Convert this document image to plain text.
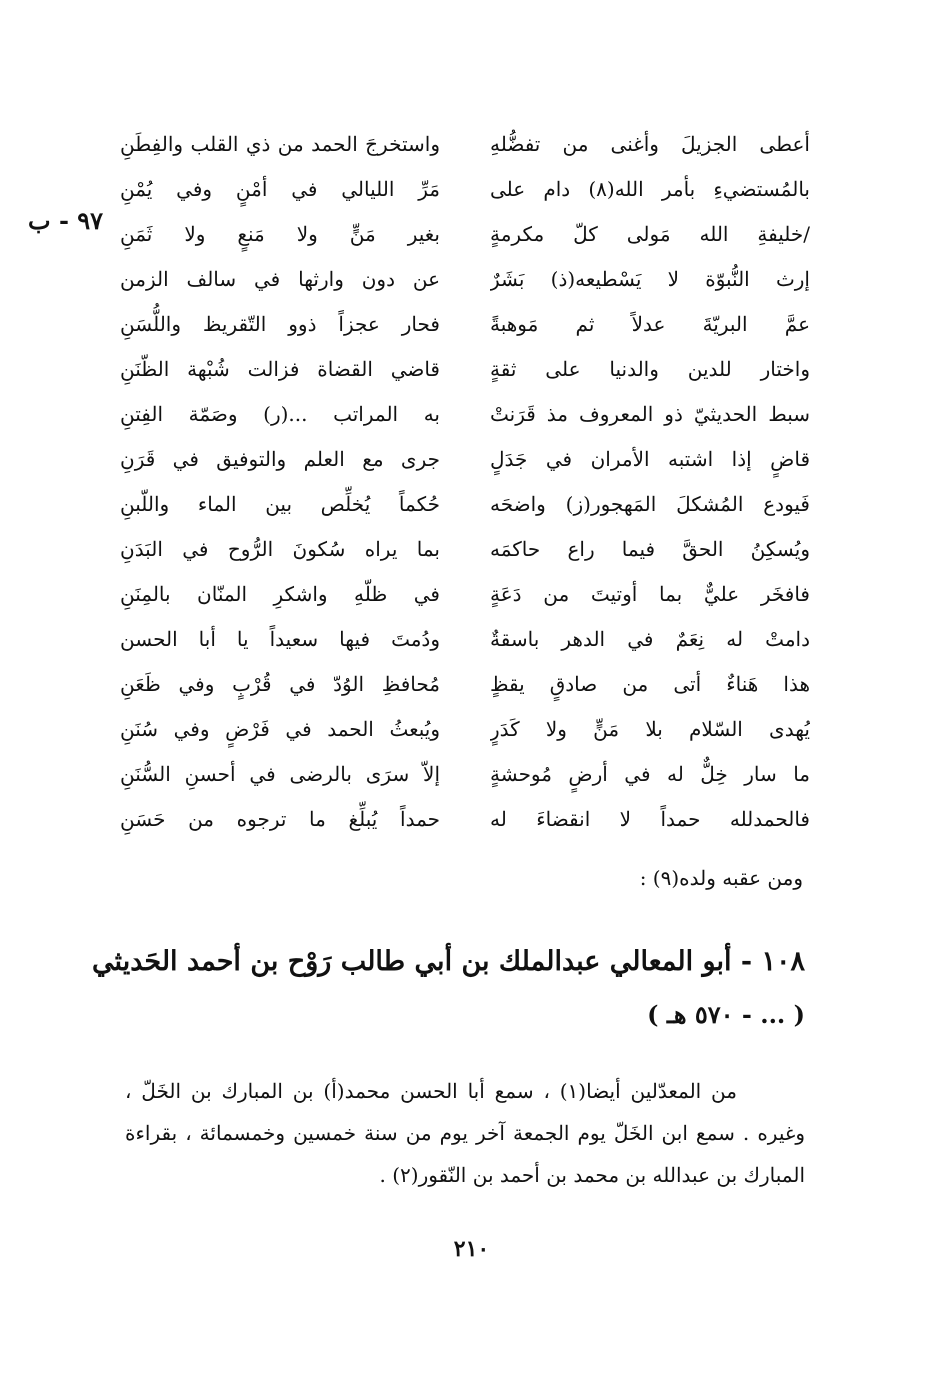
٩٧ - ب
أعطى الجزيلَ وأغنى من تفضُّلهِ
واستخرجَ الحمد من ذي القلب والفِطَنِ
بالمُستضيءِ بأمر الله(٨) دام على
مَرِّ الليالي في أمْنٍ وفي يُمْنِ
/خليفةِ الله مَولى كلّ مكرمةٍ
بغير مَنٍّ ولا مَنعٍ ولا ثَمَنِ
إرث النُّبوّة لا يَسْطيعه(ذ) بَشَرٌ
عن دون وارثها في سالف الزمن
عمَّ البريّةَ عدلاً ثم مَوهبةً
فحار عجزاً ذوو التّقريظ واللُّسَنِ
واختار للدين والدنيا على ثقةٍ
قاضي القضاة فزالت شُبْهة الظّنَنِ
سبط الحديثيّ ذو المعروف مذ قَرَنتْ
به المراتب ...(ر) وصَمّة الفِتنِ
قاضٍ إذا اشتبه الأمران في جَدَلٍ
جرى مع العلم والتوفيق في قَرَنِ
فَيودع المُشكلَ المَهجور(ز) واضحَه
حُكماً يُخلِّص بين الماء واللّبنِ
ويُسكِنُ الحقَّ فيما راع حاكمَه
بما يراه سُكونَ الرُّوح في البَدَنِ
فافخَر عليٌّ بما أوتيتَ من دَعَةٍ
في ظلّهِ واشكرِ المنّان بالمِنَنِ
دامتْ له نِعَمٌ في الدهر باسقةٌ
ودُمتَ فيها سعيداً يا أبا الحسن
هذا هَناءٌ أتى من صادقٍ يقظٍ
مُحافظِ الوُدّ في قُرْبٍ وفي ظَعَنِ
يُهدى السّلام بلا مَنٍّ ولا كَدَرٍ
ويُبعثُ الحمد في فَرْضٍ وفي سُنَنِ
ما سار خِلٌّ له في أرضٍ مُوحشةٍ
إلاّ سرَى بالرضى في أحسنِ السُّنَنِ
فالحمدلله حمداً لا انقضاءَ له
حمداً يُبلِّغ ما ترجوه من حَسَنِ
ومن عقبه ولده(٩) :
١٠٨ - أبو المعالي عبدالملك بن أبي طالب رَوْح بن أحمد الحَديثي
( ... - ٥٧٠ هـ )
من المعدّلين أيضا(١) ، سمع أبا الحسن محمد(أ) بن المبارك بن الخَلّ ،
وغيره . سمع ابن الخَلّ يوم الجمعة آخر يوم من سنة خمسين وخمسمائة ، بقراءة
المبارك بن عبدالله بن محمد بن أحمد بن النّقور(٢) .
٢١٠
